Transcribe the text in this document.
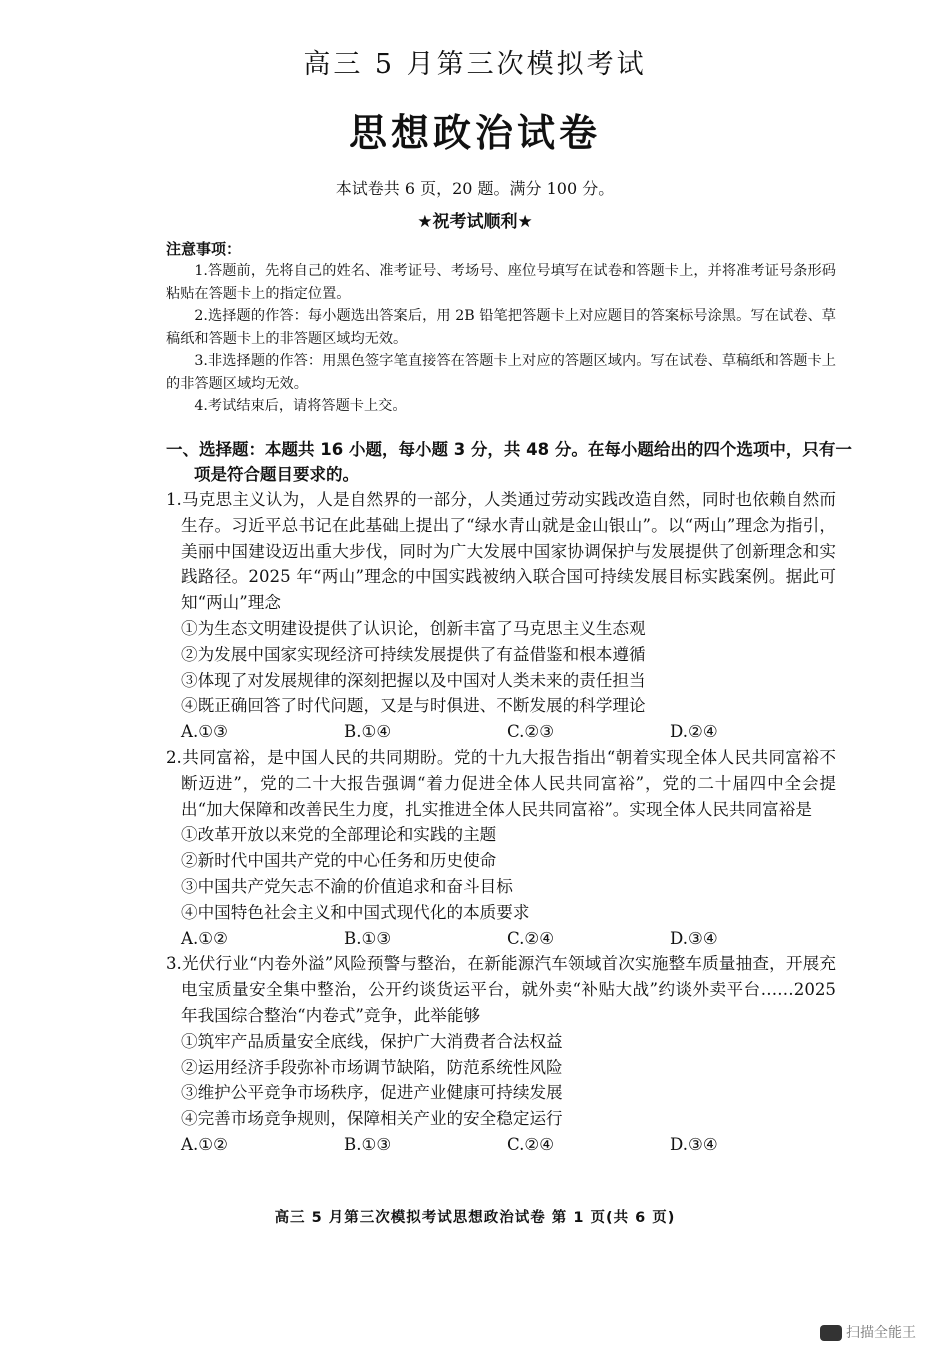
高三 5 月第三次模拟考试
思想政治试卷
本试卷共 6 页，20 题。满分 100 分。
★祝考试顺利★
注意事项：

1.答题前，先将自己的姓名、准考证号、考场号、座位号填写在试卷和答题卡上，并将准考证号条形码粘贴在答题卡上的指定位置。

2.选择题的作答：每小题选出答案后，用 2B 铅笔把答题卡上对应题目的答案标号涂黑。写在试卷、草稿纸和答题卡上的非答题区域均无效。

3.非选择题的作答：用黑色签字笔直接答在答题卡上对应的答题区域内。写在试卷、草稿纸和答题卡上的非答题区域均无效。

4.考试结束后，请将答题卡上交。

一、选择题：本题共 16 小题，每小题 3 分，共 48 分。在每小题给出的四个选项中，只有一项是符合题目要求的。
1.马克思主义认为，人是自然界的一部分，人类通过劳动实践改造自然，同时也依赖自然而生存。习近平总书记在此基础上提出了“绿水青山就是金山银山”。以“两山”理念为指引，美丽中国建设迈出重大步伐，同时为广大发展中国家协调保护与发展提供了创新理念和实践路径。2025 年“两山”理念的中国实践被纳入联合国可持续发展目标实践案例。据此可知“两山”理念
①为生态文明建设提供了认识论，创新丰富了马克思主义生态观
②为发展中国家实现经济可持续发展提供了有益借鉴和根本遵循
③体现了对发展规律的深刻把握以及中国对人类未来的责任担当
④既正确回答了时代问题，又是与时俱进、不断发展的科学理论
A.①③	B.①④	C.②③	D.②④
2.共同富裕，是中国人民的共同期盼。党的十九大报告指出“朝着实现全体人民共同富裕不断迈进”，党的二十大报告强调“着力促进全体人民共同富裕”，党的二十届四中全会提出“加大保障和改善民生力度，扎实推进全体人民共同富裕”。实现全体人民共同富裕是
①改革开放以来党的全部理论和实践的主题
②新时代中国共产党的中心任务和历史使命
③中国共产党矢志不渝的价值追求和奋斗目标
④中国特色社会主义和中国式现代化的本质要求
A.①②	B.①③	C.②④	D.③④
3.光伏行业“内卷外溢”风险预警与整治，在新能源汽车领域首次实施整车质量抽查，开展充电宝质量安全集中整治，公开约谈货运平台，就外卖“补贴大战”约谈外卖平台……2025 年我国综合整治“内卷式”竞争，此举能够
①筑牢产品质量安全底线，保护广大消费者合法权益
②运用经济手段弥补市场调节缺陷，防范系统性风险
③维护公平竞争市场秩序，促进产业健康可持续发展
④完善市场竞争规则，保障相关产业的安全稳定运行
A.①②	B.①③	C.②④	D.③④
高三 5 月第三次模拟考试思想政治试卷 第 1 页(共 6 页)
扫描全能王
